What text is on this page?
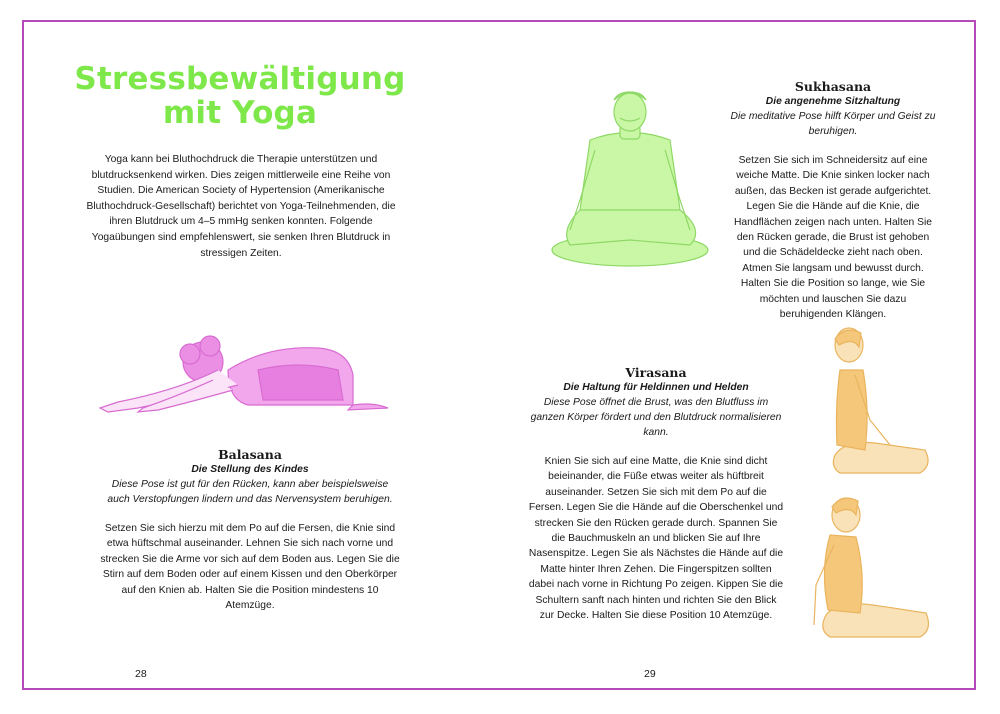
Stressbewältigung
mit Yoga
Yoga kann bei Bluthochdruck die Therapie unterstützen und blutdrucksenkend wirken. Dies zeigen mittlerweile eine Reihe von Studien. Die American Society of Hypertension (Amerikanische Bluthochdruck-Gesellschaft) berichtet von Yoga-Teilnehmenden, die ihren Blutdruck um 4–5 mmHg senken konnten. Folgende Yogaübungen sind empfehlenswert, sie senken Ihren Blutdruck in stressigen Zeiten.
Sukhasana
Die angenehme Sitzhaltung
Die meditative Pose hilft Körper und Geist zu beruhigen.
Setzen Sie sich im Schneidersitz auf eine weiche Matte. Die Knie sinken locker nach außen, das Becken ist gerade aufgerichtet. Legen Sie die Hände auf die Knie, die Handflächen zeigen nach unten. Halten Sie den Rücken gerade, die Brust ist gehoben und die Schädeldecke zieht nach oben. Atmen Sie langsam und bewusst durch. Halten Sie die Position so lange, wie Sie möchten und lauschen Sie dazu beruhigenden Klängen.
Balasana
Die Stellung des Kindes
Diese Pose ist gut für den Rücken, kann aber beispielsweise auch Verstopfungen lindern und das Nervensystem beruhigen.
Setzen Sie sich hierzu mit dem Po auf die Fersen, die Knie sind etwa hüftschmal auseinander. Lehnen Sie sich nach vorne und strecken Sie die Arme vor sich auf dem Boden aus. Legen Sie die Stirn auf dem Boden oder auf einem Kissen und den Oberkörper auf den Knien ab. Halten Sie die Position mindestens 10 Atemzüge.
Virasana
Die Haltung für Heldinnen und Helden
Diese Pose öffnet die Brust, was den Blutfluss im ganzen Körper fördert und den Blutdruck normalisieren kann.
Knien Sie sich auf eine Matte, die Knie sind dicht beieinander, die Füße etwas weiter als hüftbreit auseinander. Setzen Sie sich mit dem Po auf die Fersen. Legen Sie die Hände auf die Oberschenkel und strecken Sie den Rücken gerade durch. Spannen Sie die Bauchmuskeln an und blicken Sie auf Ihre Nasenspitze. Legen Sie als Nächstes die Hände auf die Matte hinter Ihren Zehen. Die Fingerspitzen sollten dabei nach vorne in Richtung Po zeigen. Kippen Sie die Schultern sanft nach hinten und richten Sie den Blick zur Decke. Halten Sie diese Position 10 Atemzüge.
28	29
